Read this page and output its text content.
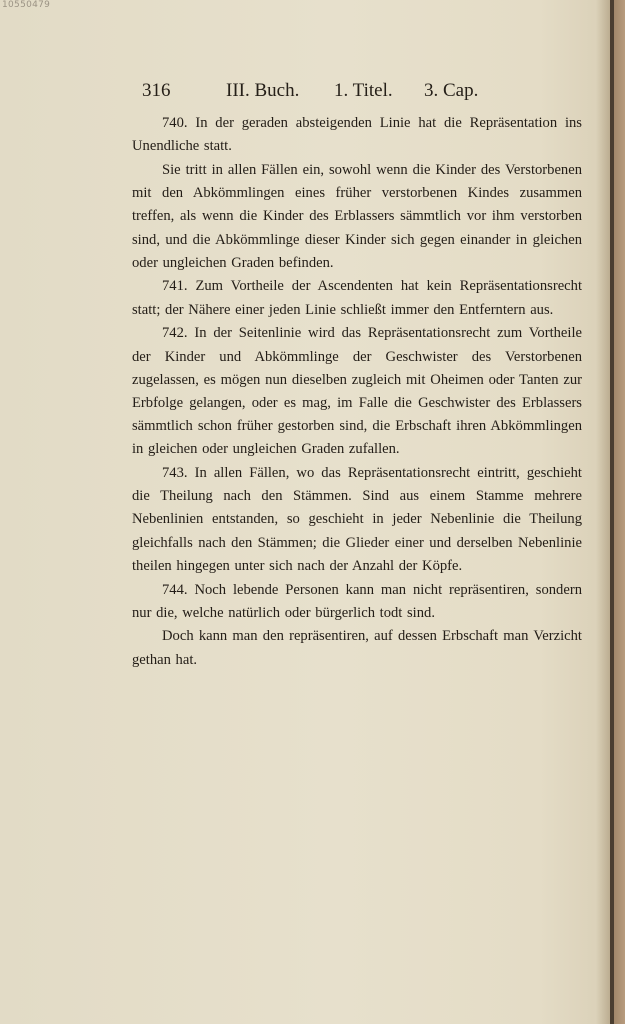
10550479
316	III. Buch. 1. Titel. 3. Cap.

740. In der geraden absteigenden Linie hat die Repräsentation ins Unendliche statt.

Sie tritt in allen Fällen ein, sowohl wenn die Kinder des Verstorbenen mit den Abkömmlingen eines früher verstorbenen Kindes zusammen treffen, als wenn die Kinder des Erblassers sämmtlich vor ihm verstorben sind, und die Abkömmlinge dieser Kinder sich gegen einander in gleichen oder ungleichen Graden befinden.

741. Zum Vortheile der Ascendenten hat kein Repräsentationsrecht statt; der Nähere einer jeden Linie schließt immer den Entferntern aus.

742. In der Seitenlinie wird das Repräsentationsrecht zum Vortheile der Kinder und Abkömmlinge der Geschwister des Verstorbenen zugelassen, es mögen nun dieselben zugleich mit Oheimen oder Tanten zur Erbfolge gelangen, oder es mag, im Falle die Geschwister des Erblassers sämmtlich schon früher gestorben sind, die Erbschaft ihren Abkömmlingen in gleichen oder ungleichen Graden zufallen.

743. In allen Fällen, wo das Repräsentationsrecht eintritt, geschieht die Theilung nach den Stämmen. Sind aus einem Stamme mehrere Nebenlinien entstanden, so geschieht in jeder Nebenlinie die Theilung gleichfalls nach den Stämmen; die Glieder einer und derselben Nebenlinie theilen hingegen unter sich nach der Anzahl der Köpfe.

744. Noch lebende Personen kann man nicht repräsentiren, sondern nur die, welche natürlich oder bürgerlich todt sind.

Doch kann man den repräsentiren, auf dessen Erbschaft man Verzicht gethan hat.
